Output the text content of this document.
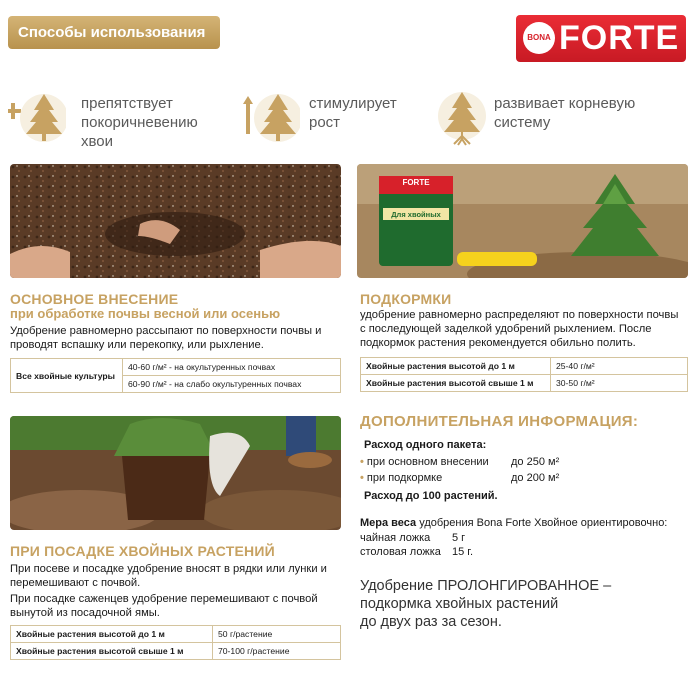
Способы использования	BONA FORTE
препятствует
покоричневению
хвои
стимулирует
рост
развивает корневую
систему
FORTE
Для хвойных
ОСНОВНОЕ ВНЕСЕНИЕ
при обработке почвы весной или осенью
Удобрение равномерно рассыпают по поверхности почвы и
проводят вспашку или перекопку, или рыхление.
Все хвойные культуры	40-60 г/м² - на окультуренных почвах
60-90 г/м² - на слабо окультуренных почвах
ПОДКОРМКИ
удобрение равномерно распределяют по поверхности почвы
с последующей заделкой удобрений рыхлением. После
подкормок растения рекомендуется обильно полить.
Хвойные растения высотой до 1 м	25-40 г/м²
Хвойные растения высотой свыше 1 м	30-50 г/м²
ПРИ ПОСАДКЕ ХВОЙНЫХ РАСТЕНИЙ
При посеве и посадке удобрение вносят в рядки или лунки и
перемешивают с почвой.
При посадке саженцев удобрение перемешивают с почвой
вынутой из посадочной ямы.
Хвойные растения высотой до 1 м	50 г/растение
Хвойные растения высотой свыше 1 м	70-100 г/растение
ДОПОЛНИТЕЛЬНАЯ ИНФОРМАЦИЯ:
Расход одного пакета:
• при основном внесении до 250 м²
• при подкормке	до 200 м²
Расход до 100 растений.
Мера веса удобрения Bona Forte Хвойное ориентировочно:
чайная ложка 5 г
столовая ложка 15 г.
Удобрение ПРОЛОНГИРОВАННОЕ –
подкормка хвойных растений
до двух раз за сезон.
